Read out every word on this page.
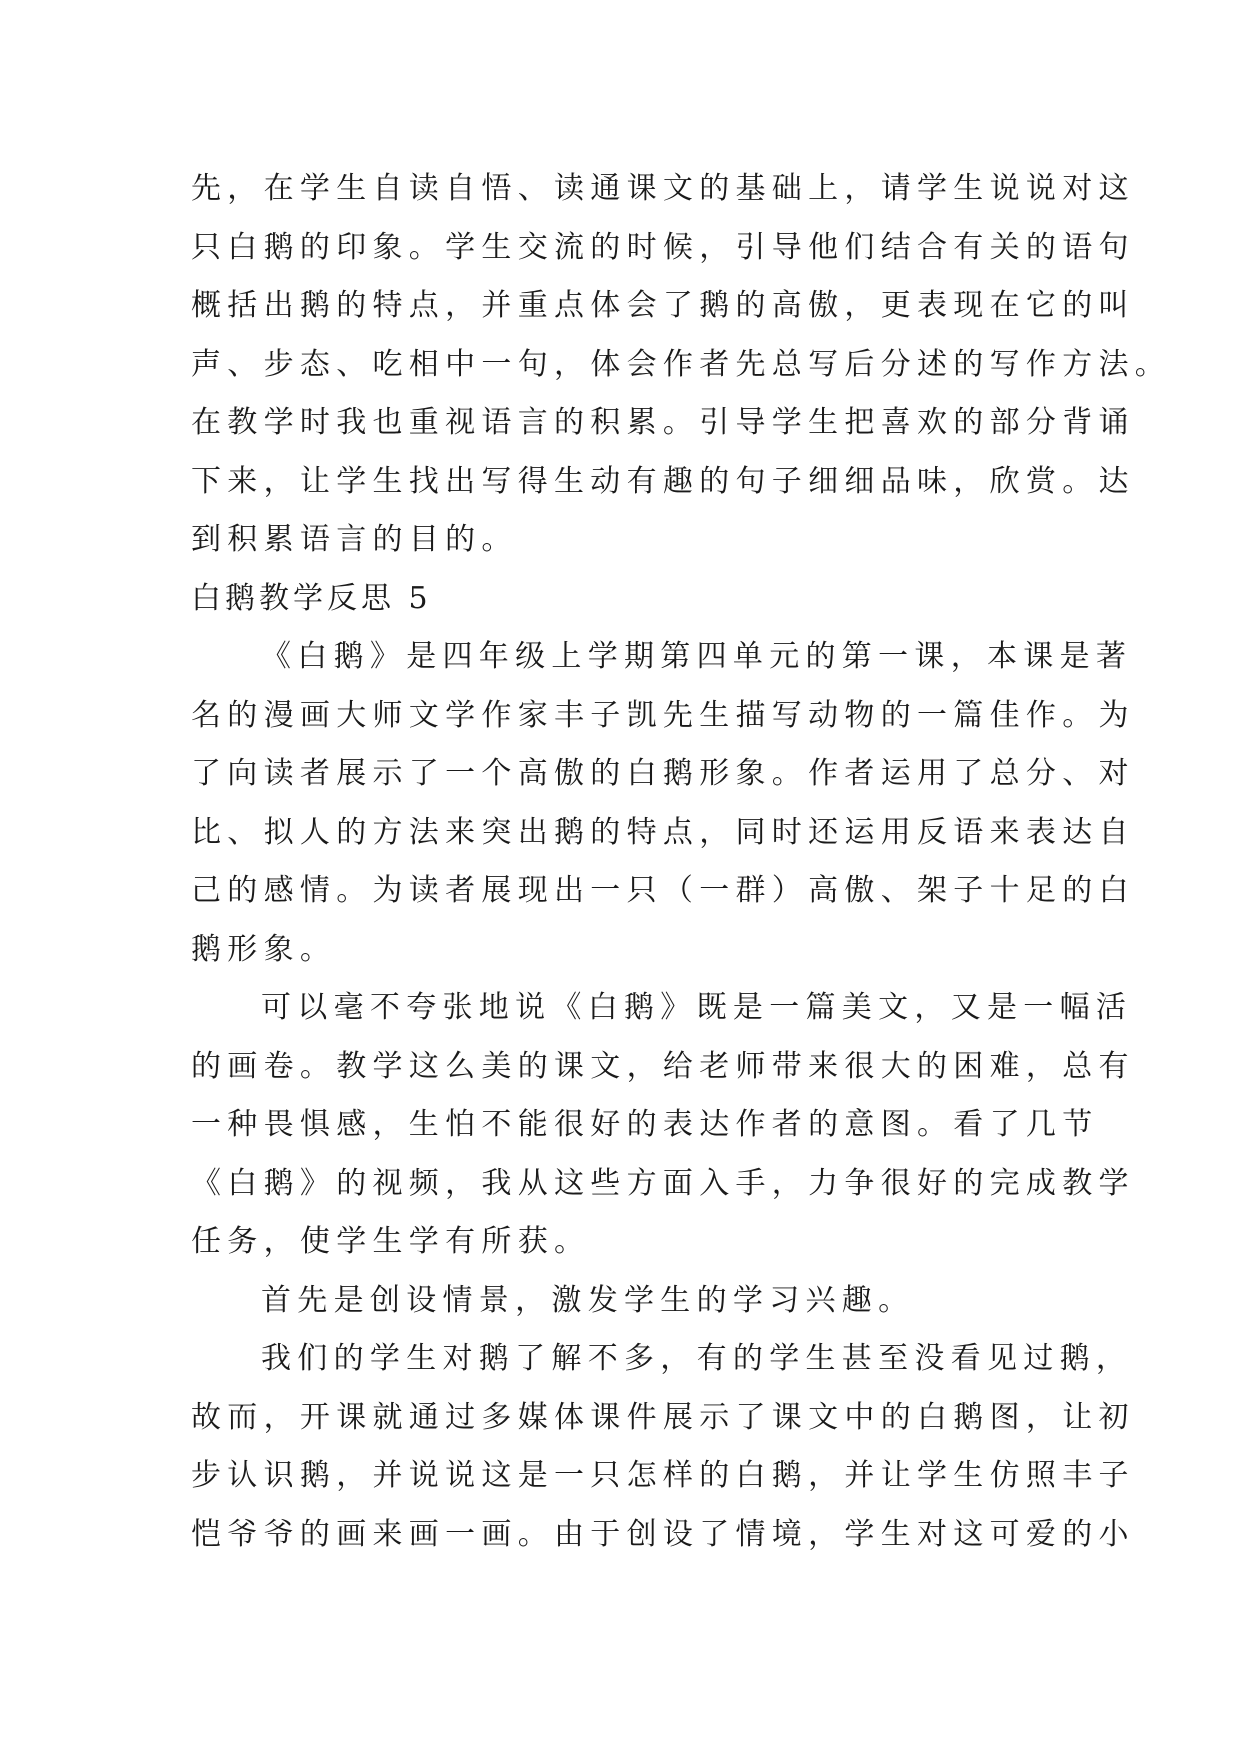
先，在学生自读自悟、读通课文的基础上，请学生说说对这
只白鹅的印象。学生交流的时候，引导他们结合有关的语句
概括出鹅的特点，并重点体会了鹅的高傲，更表现在它的叫
声、步态、吃相中一句，体会作者先总写后分述的写作方法。
在教学时我也重视语言的积累。引导学生把喜欢的部分背诵
下来，让学生找出写得生动有趣的句子细细品味，欣赏。达
到积累语言的目的。
白鹅教学反思 5
《白鹅》是四年级上学期第四单元的第一课，本课是著
名的漫画大师文学作家丰子凯先生描写动物的一篇佳作。为
了向读者展示了一个高傲的白鹅形象。作者运用了总分、对
比、拟人的方法来突出鹅的特点，同时还运用反语来表达自
己的感情。为读者展现出一只（一群）高傲、架子十足的白
鹅形象。
可以毫不夸张地说《白鹅》既是一篇美文，又是一幅活
的画卷。教学这么美的课文，给老师带来很大的困难，总有
一种畏惧感，生怕不能很好的表达作者的意图。看了几节
《白鹅》的视频，我从这些方面入手，力争很好的完成教学
任务，使学生学有所获。
首先是创设情景，激发学生的学习兴趣。
我们的学生对鹅了解不多，有的学生甚至没看见过鹅，
故而，开课就通过多媒体课件展示了课文中的白鹅图，让初
步认识鹅，并说说这是一只怎样的白鹅，并让学生仿照丰子
恺爷爷的画来画一画。由于创设了情境，学生对这可爱的小
